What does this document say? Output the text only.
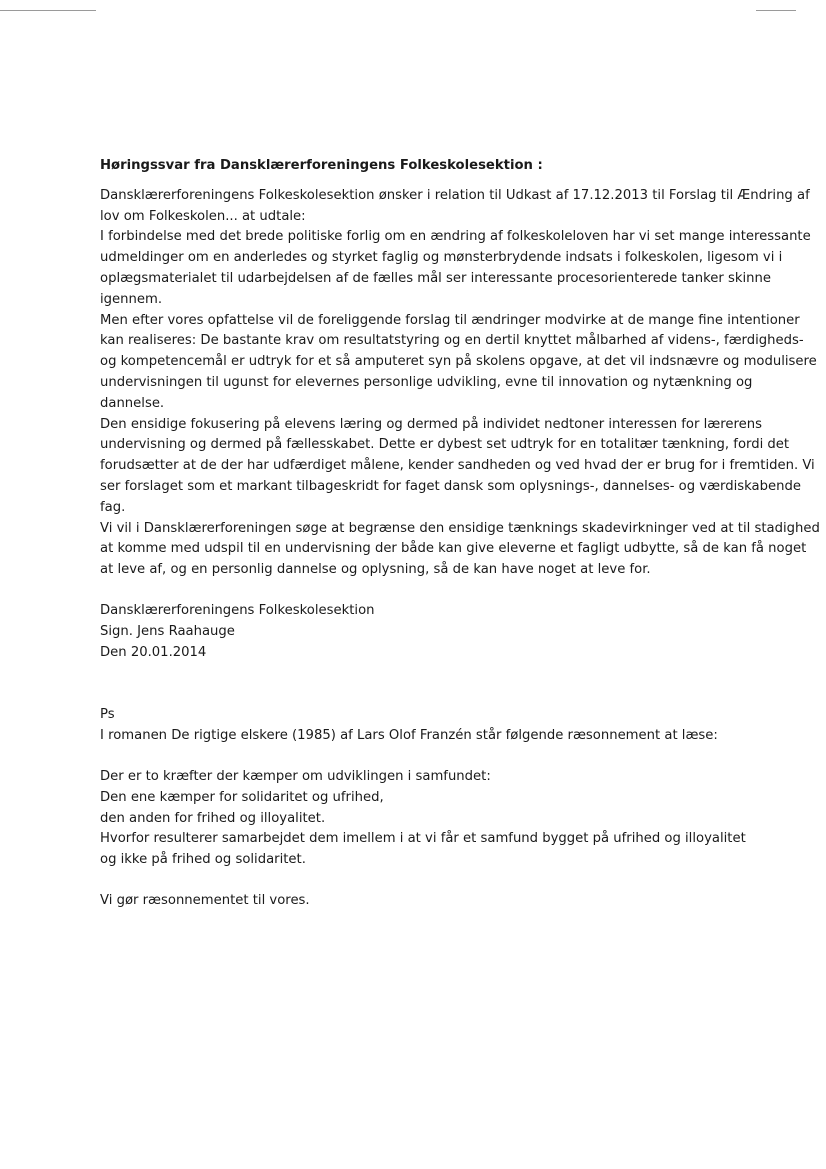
Høringssvar fra Dansklærerforeningens Folkeskolesektion :
Dansklærerforeningens Folkeskolesektion ønsker i relation til Udkast af 17.12.2013 til Forslag til Ændring af
lov om Folkeskolen... at udtale:
I forbindelse med det brede politiske forlig om en ændring af folkeskoleloven har vi set mange interessante
udmeldinger om en anderledes og styrket faglig og mønsterbrydende indsats i folkeskolen, ligesom vi i
oplægsmaterialet til udarbejdelsen af de fælles mål ser interessante procesorienterede tanker skinne
igennem.
Men efter vores opfattelse vil de foreliggende forslag til ændringer modvirke at de mange fine intentioner
kan realiseres: De bastante krav om resultatstyring og en dertil knyttet målbarhed af videns-, færdigheds-
og kompetencemål er udtryk for et så amputeret syn på skolens opgave, at det vil indsnævre og modulisere
undervisningen til ugunst for elevernes personlige udvikling, evne til innovation og nytænkning og
dannelse.
Den ensidige fokusering på elevens læring og dermed på individet nedtoner interessen for lærerens
undervisning og dermed på fællesskabet. Dette er dybest set udtryk for en totalitær tænkning, fordi det
forudsætter at de der har udfærdiget målene, kender sandheden og ved hvad der er brug for i fremtiden. Vi
ser forslaget som et markant tilbageskridt for faget dansk som oplysnings-, dannelses- og værdiskabende
fag.
Vi vil i Dansklærerforeningen søge at begrænse den ensidige tænknings skadevirkninger ved at til stadighed
at komme med udspil til en undervisning der både kan give eleverne et fagligt udbytte, så de kan få noget
at leve af, og en personlig dannelse og oplysning, så de kan have noget at leve for.
Dansklærerforeningens Folkeskolesektion
Sign. Jens Raahauge
Den 20.01.2014
Ps
I romanen De rigtige elskere (1985) af Lars Olof Franzén står følgende ræsonnement at læse:
Der er to kræfter der kæmper om udviklingen i samfundet:
Den ene kæmper for solidaritet og ufrihed,
den anden for frihed og illoyalitet.
Hvorfor resulterer samarbejdet dem imellem i at vi får et samfund bygget på ufrihed og illoyalitet
og ikke på frihed og solidaritet.
Vi gør ræsonnementet til vores.
